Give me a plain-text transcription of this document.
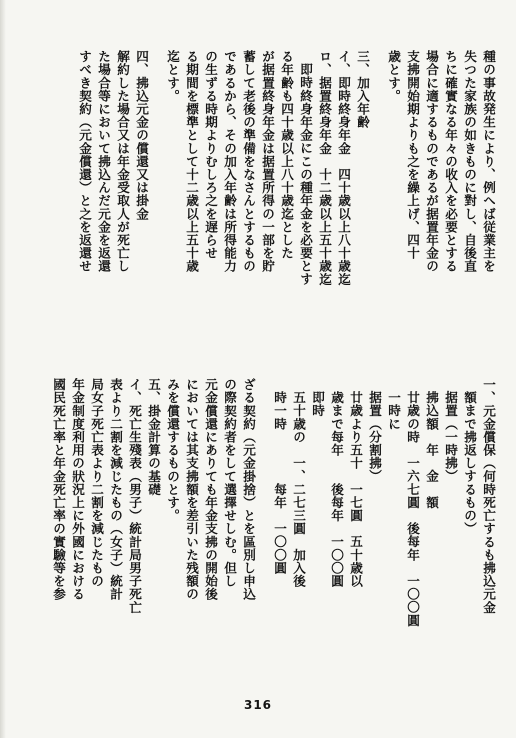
種の事故発生により、例へば従業主を
失つた家族の如きものに對し、自後直
ちに確實なる年々の收入を必要とする
場合に適するものであるが据置年金の
支拂開始期よりも之を繰上げ、四十
歳とす。
三、加入年齢
イ、即時終身年金　四十歳以上八十歳迄
ロ、据置終身年金　十二歳以上五十歳迄
即時終身年金にこの種年金を必要とす
る年齢も四十歳以上八十歳迄とした
が据置終身年金は据置所得の一部を貯
蓄して老後の準備をなさんとするもの
であるから、その加入年齢は所得能力
の生ずる時期よりむしろ之を遅らせ
る期間を標準として十二歳以上五十歳
迄とす。
四、拂込元金の償還又は掛金
解約した場合又は年金受取人が死亡し
た場合等において拂込んだ元金を返還
すべき契約（元金償還）と之を返還せ
一、元金償保（何時死亡するも拂込元金
額まで拂返しするもの）
据置（一時拂）
拂込額　年　金　額
廿歳の時　一六七圓　後每年　一〇〇圓
一時に
据置（分割拂）
廿歳より五十　一七圓　五十歳以
歳まで每年　　後每年　一〇〇圓
即時
五十歳の　一、二七三圓　加入後
時一時　　　　每年　一〇〇圓
ざる契約（元金掛捨）とを區別し申込
の際契約者をして選擇せしむ。但し
元金償還にありても年金支拂の開始後
においては其支拂額を差引いた残額の
みを償還するものとす。
五、掛金計算の基礎
イ、死亡生殘表（男子）統計局男子死亡
表より二割を減じたもの（女子）統計
局女子死亡表より二割を減じたもの
年金制度利用の狀況上に外國における
國民死亡率と年金死亡率の實驗等を参
316
